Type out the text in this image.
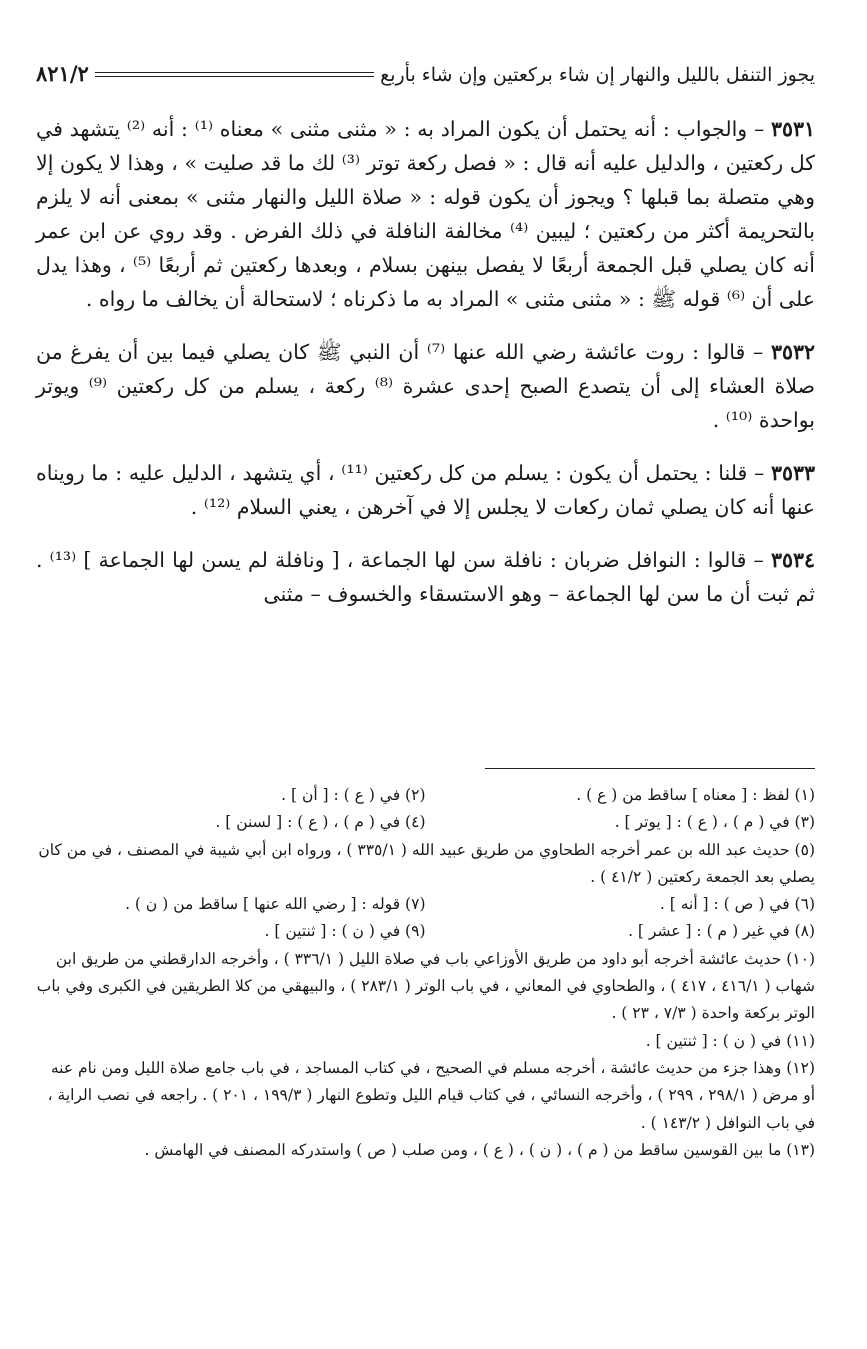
يجوز التنفل بالليل والنهار إن شاء بركعتين وإن شاء بأربع
٨٢١/٢

٣٥٣١ – والجواب : أنه يحتمل أن يكون المراد به : « مثنى مثنى » معناه ⁽¹⁾ : أنه ⁽²⁾ يتشهد في كل ركعتين ، والدليل عليه أنه قال : « فصل ركعة توتر ⁽³⁾ لك ما قد صليت » ، وهذا لا يكون إلا وهي متصلة بما قبلها ؟ ويجوز أن يكون قوله : « صلاة الليل والنهار مثنى » بمعنى أنه لا يلزم بالتحريمة أكثر من ركعتين ؛ ليبين ⁽⁴⁾ مخالفة النافلة في ذلك الفرض . وقد روي عن ابن عمر أنه كان يصلي قبل الجمعة أربعًا لا يفصل بينهن بسلام ، وبعدها ركعتين ثم أربعًا ⁽⁵⁾ ، وهذا يدل على أن ⁽⁶⁾ قوله ﷺ : « مثنى مثنى » المراد به ما ذكرناه ؛ لاستحالة أن يخالف ما رواه .

٣٥٣٢ – قالوا : روت عائشة رضي الله عنها ⁽⁷⁾ أن النبي ﷺ كان يصلي فيما بين أن يفرغ من صلاة العشاء إلى أن يتصدع الصبح إحدى عشرة ⁽⁸⁾ ركعة ، يسلم من كل ركعتين ⁽⁹⁾ ويوتر بواحدة ⁽¹⁰⁾ .

٣٥٣٣ – قلنا : يحتمل أن يكون : يسلم من كل ركعتين ⁽¹¹⁾ ، أي يتشهد ، الدليل عليه : ما رويناه عنها أنه كان يصلي ثمان ركعات لا يجلس إلا في آخرهن ، يعني السلام ⁽¹²⁾ .

٣٥٣٤ – قالوا : النوافل ضربان : نافلة سن لها الجماعة ، [ ونافلة لم يسن لها الجماعة ] ⁽¹³⁾ . ثم ثبت أن ما سن لها الجماعة – وهو الاستسقاء والخسوف – مثنى

(١) لفظ : [ معناه ] ساقط من ( ع ) .

(٢) في ( ع ) : [ أن ] .

(٣) في ( م ) ، ( ع ) : [ يوتر ] .

(٤) في ( م ) ، ( ع ) : [ لسنن ] .

(٥) حديث عبد الله بن عمر أخرجه الطحاوي من طريق عبيد الله ( ٣٣٥/١ ) ، ورواه ابن أبي شيبة في المصنف ، في من كان يصلي بعد الجمعة ركعتين ( ٤١/٢ ) .

(٦) في ( ص ) : [ أنه ] .

(٧) قوله : [ رضي الله عنها ] ساقط من ( ن ) .

(٨) في غير ( م ) : [ عشر ] .

(٩) في ( ن ) : [ ثنتين ] .

(١٠) حديث عائشة أخرجه أبو داود من طريق الأوزاعي باب في صلاة الليل ( ٣٣٦/١ ) ، وأخرجه الدارقطني من طريق ابن شهاب ( ٤١٦/١ ، ٤١٧ ) ، والطحاوي في المعاني ، في باب الوتر ( ٢٨٣/١ ) ، والبيهقي من كلا الطريقين في الكبرى وفي باب الوتر بركعة واحدة ( ٧/٣ ، ٢٣ ) .

(١١) في ( ن ) : [ ثنتين ] .

(١٢) وهذا جزء من حديث عائشة ، أخرجه مسلم في الصحيح ، في كتاب المساجد ، في باب جامع صلاة الليل ومن نام عنه أو مرض ( ٢٩٨/١ ، ٢٩٩ ) ، وأخرجه النسائي ، في كتاب قيام الليل وتطوع النهار ( ١٩٩/٣ ، ٢٠١ ) . راجعه في نصب الراية ، في باب النوافل ( ١٤٣/٢ ) .

(١٣) ما بين القوسين ساقط من ( م ) ، ( ن ) ، ( ع ) ، ومن صلب ( ص ) واستدركه المصنف في الهامش .
